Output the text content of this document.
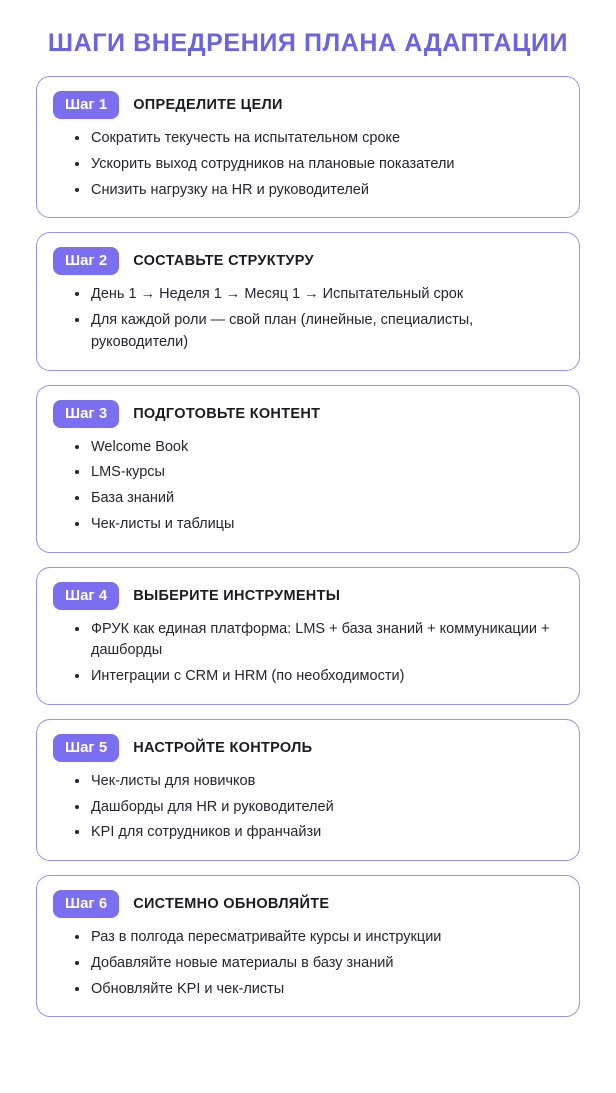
ШАГИ ВНЕДРЕНИЯ ПЛАНА АДАПТАЦИИ
Шаг 1	ОПРЕДЕЛИТЕ ЦЕЛИ
Сократить текучесть на испытательном сроке
Ускорить выход сотрудников на плановые показатели
Снизить нагрузку на HR и руководителей
Шаг 2	СОСТАВЬТЕ СТРУКТУРУ
День 1 → Неделя 1 → Месяц 1 → Испытательный срок
Для каждой роли — свой план (линейные, специалисты, руководители)
Шаг 3	ПОДГОТОВЬТЕ КОНТЕНТ
Welcome Book
LMS-курсы
База знаний
Чек-листы и таблицы
Шаг 4	ВЫБЕРИТЕ ИНСТРУМЕНТЫ
ФРУК как единая платформа: LMS + база знаний + коммуникации + дашборды
Интеграции с CRM и HRM (по необходимости)
Шаг 5	НАСТРОЙТЕ КОНТРОЛЬ
Чек-листы для новичков
Дашборды для HR и руководителей
KPI для сотрудников и франчайзи
Шаг 6	СИСТЕМНО ОБНОВЛЯЙТЕ
Раз в полгода пересматривайте курсы и инструкции
Добавляйте новые материалы в базу знаний
Обновляйте KPI и чек-листы
